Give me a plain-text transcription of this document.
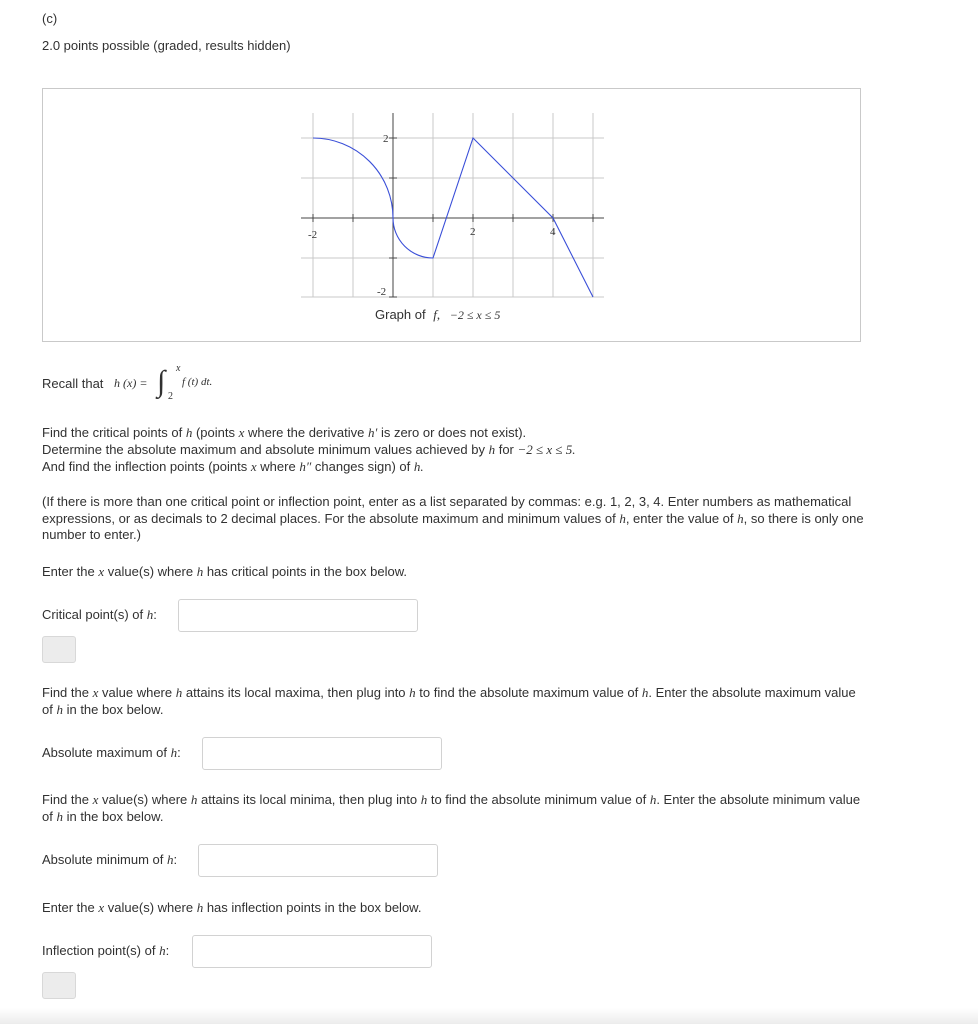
(c)
2.0 points possible (graded, results hidden)
2
-2
-2	2	4
Graph of f, −2 ≤ x ≤ 5
Recall that h (x) = ∫ x
2
f (t) dt.
Find the critical points of h (points x where the derivative h′ is zero or does not exist).
Determine the absolute maximum and absolute minimum values achieved by h for −2 ≤ x ≤ 5.
And find the inflection points (points x where h″ changes sign) of h.
(If there is more than one critical point or inflection point, enter as a list separated by commas: e.g. 1, 2, 3, 4. Enter numbers as mathematical expressions, or as decimals to 2 decimal places. For the absolute maximum and minimum values of h, enter the value of h, so there is only one number to enter.)
Enter the x value(s) where h has critical points in the box below.
Critical point(s) of h:
Find the x value where h attains its local maxima, then plug into h to find the absolute maximum value of h. Enter the absolute maximum value of h in the box below.
Absolute maximum of h:
Find the x value(s) where h attains its local minima, then plug into h to find the absolute minimum value of h. Enter the absolute minimum value of h in the box below.
Absolute minimum of h:
Enter the x value(s) where h has inflection points in the box below.
Inflection point(s) of h:
